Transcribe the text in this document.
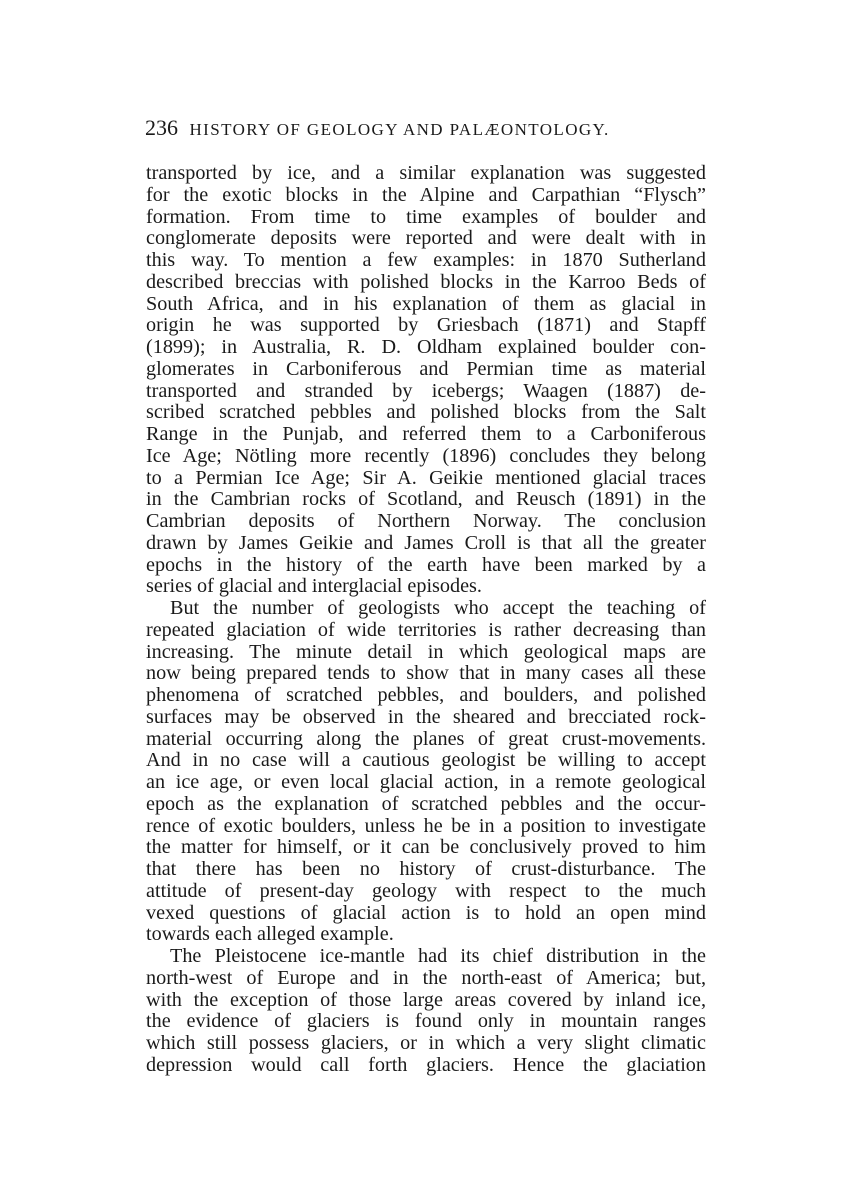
236 HISTORY OF GEOLOGY AND PALÆONTOLOGY.
transported by ice, and a similar explanation was suggested
for the exotic blocks in the Alpine and Carpathian “Flysch”
formation. From time to time examples of boulder and
conglomerate deposits were reported and were dealt with in
this way. To mention a few examples: in 1870 Sutherland
described breccias with polished blocks in the Karroo Beds of
South Africa, and in his explanation of them as glacial in
origin he was supported by Griesbach (1871) and Stapff
(1899); in Australia, R. D. Oldham explained boulder con-
glomerates in Carboniferous and Permian time as material
transported and stranded by icebergs; Waagen (1887) de-
scribed scratched pebbles and polished blocks from the Salt
Range in the Punjab, and referred them to a Carboniferous
Ice Age; Nötling more recently (1896) concludes they belong
to a Permian Ice Age; Sir A. Geikie mentioned glacial traces
in the Cambrian rocks of Scotland, and Reusch (1891) in the
Cambrian deposits of Northern Norway. The conclusion
drawn by James Geikie and James Croll is that all the greater
epochs in the history of the earth have been marked by a
series of glacial and interglacial episodes.
But the number of geologists who accept the teaching of
repeated glaciation of wide territories is rather decreasing than
increasing. The minute detail in which geological maps are
now being prepared tends to show that in many cases all these
phenomena of scratched pebbles, and boulders, and polished
surfaces may be observed in the sheared and brecciated rock-
material occurring along the planes of great crust-movements.
And in no case will a cautious geologist be willing to accept
an ice age, or even local glacial action, in a remote geological
epoch as the explanation of scratched pebbles and the occur-
rence of exotic boulders, unless he be in a position to investigate
the matter for himself, or it can be conclusively proved to him
that there has been no history of crust-disturbance. The
attitude of present-day geology with respect to the much
vexed questions of glacial action is to hold an open mind
towards each alleged example.
The Pleistocene ice-mantle had its chief distribution in the
north-west of Europe and in the north-east of America; but,
with the exception of those large areas covered by inland ice,
the evidence of glaciers is found only in mountain ranges
which still possess glaciers, or in which a very slight climatic
depression would call forth glaciers. Hence the glaciation
